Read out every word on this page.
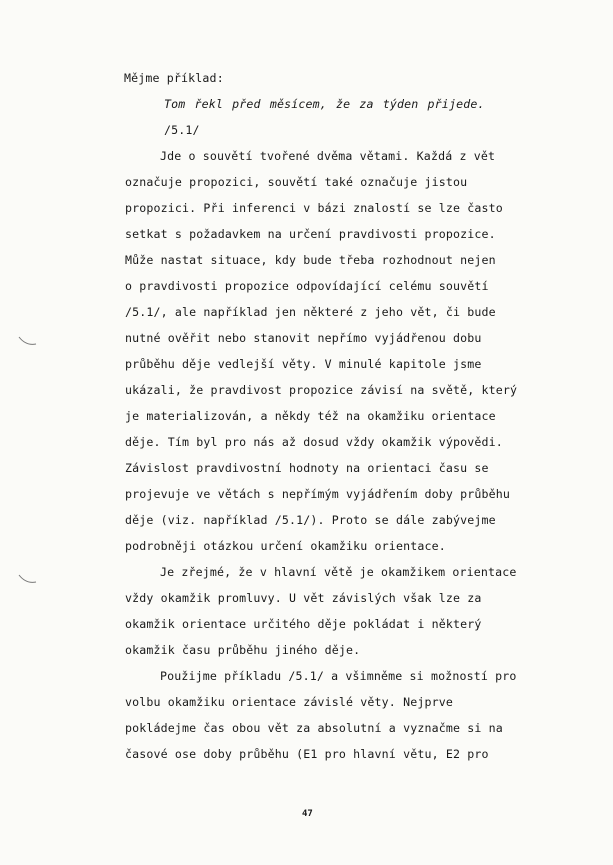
Mějme příklad:
Tom řekl před měsícem, že za týden přijede.
/5.1/
Jde o souvětí tvořené dvěma větami. Každá z vět
označuje propozici, souvětí také označuje jistou
propozici. Při inferenci v bázi znalostí se lze často
setkat s požadavkem na určení pravdivosti propozice.
Může nastat situace, kdy bude třeba rozhodnout nejen
o pravdivosti propozice odpovídající celému souvětí
/5.1/, ale například jen některé z jeho vět, či bude
nutné ověřit nebo stanovit nepřímo vyjádřenou dobu
průběhu děje vedlejší věty. V minulé kapitole jsme
ukázali, že pravdivost propozice závisí na světě, který
je materializován, a někdy též na okamžiku orientace
děje. Tím byl pro nás až dosud vždy okamžik výpovědi.
Závislost pravdivostní hodnoty na orientaci času se
projevuje ve větách s nepřímým vyjádřením doby průběhu
děje (viz. například /5.1/). Proto se dále zabývejme
podrobněji otázkou určení okamžiku orientace.
Je zřejmé, že v hlavní větě je okamžikem orientace
vždy okamžik promluvy. U vět závislých však lze za
okamžik orientace určitého děje pokládat i některý
okamžik času průběhu jiného děje.
Použijme příkladu /5.1/ a všimněme si možností pro
volbu okamžiku orientace závislé věty. Nejprve
pokládejme čas obou vět za absolutní a vyznačme si na
časové ose doby průběhu (E1 pro hlavní větu, E2 pro
47
